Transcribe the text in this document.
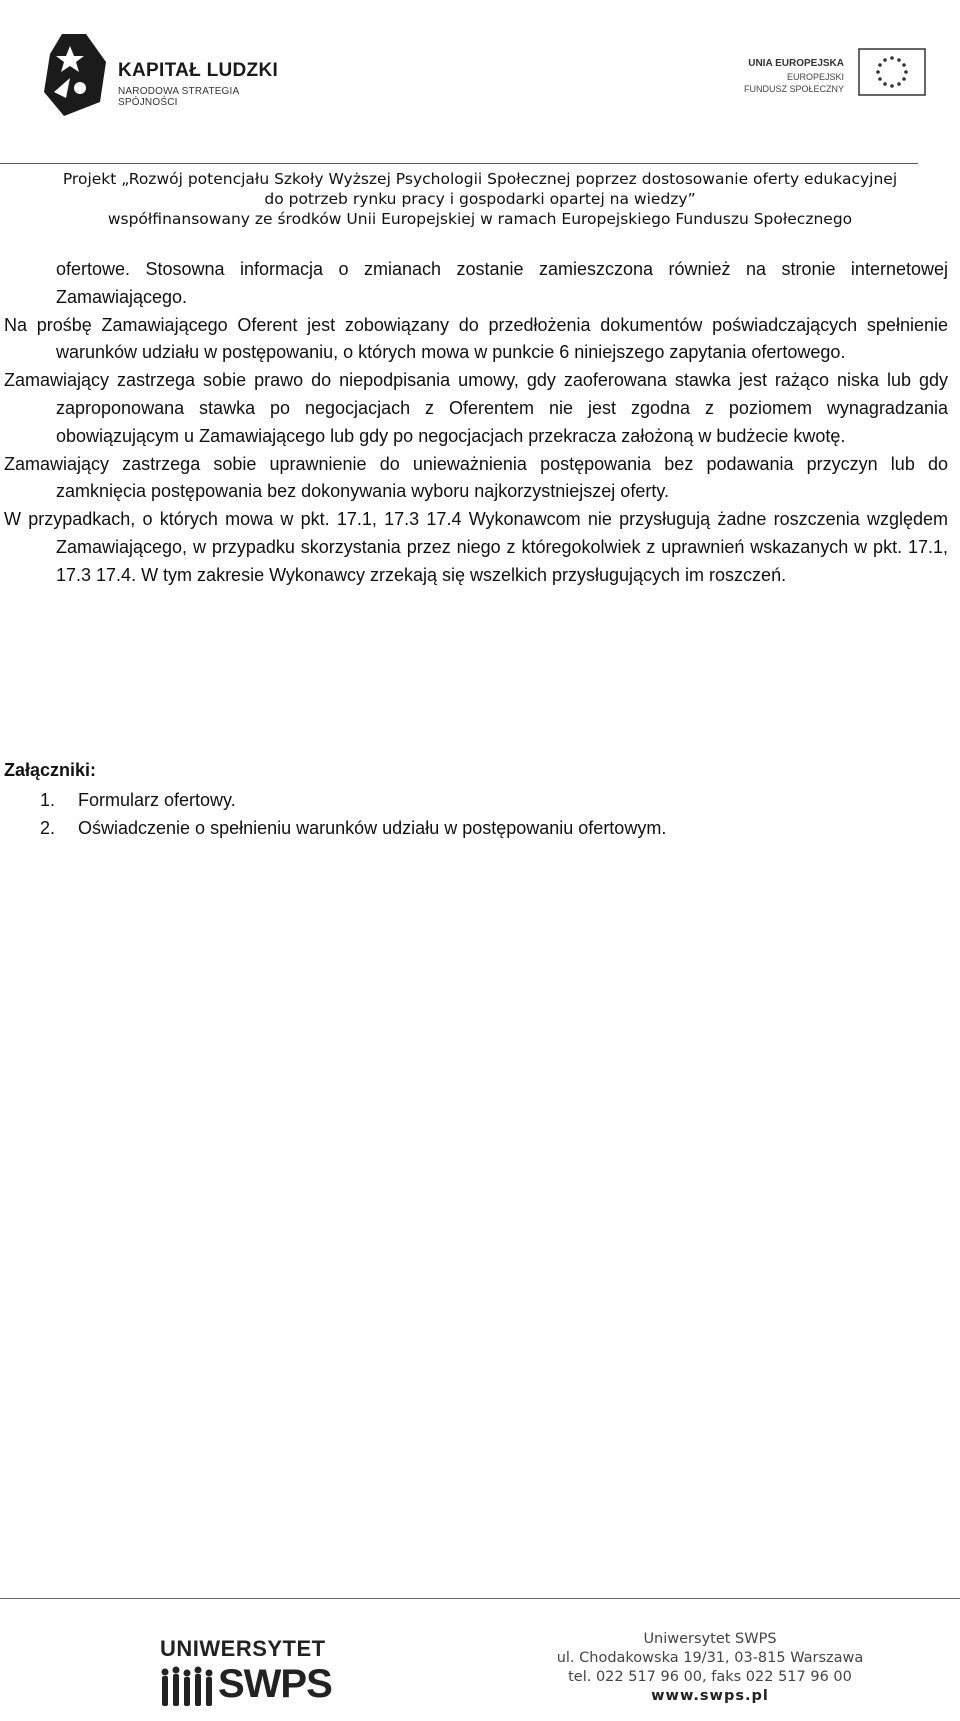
KAPITAŁ LUDZKI
NARODOWA STRATEGIA SPÓJNOŚCI
UNIA EUROPEJSKA
EUROPEJSKI
FUNDUSZ SPOŁECZNY
Projekt „Rozwój potencjału Szkoły Wyższej Psychologii Społecznej poprzez dostosowanie oferty edukacyjnej
do potrzeb rynku pracy i gospodarki opartej na wiedzy”
współfinansowany ze środków Unii Europejskiej w ramach Europejskiego Funduszu Społecznego
ofertowe. Stosowna informacja o zmianach zostanie zamieszczona również na stronie internetowej Zamawiającego.
Na prośbę Zamawiającego Oferent jest zobowiązany do przedłożenia dokumentów poświadczających spełnienie warunków udziału w postępowaniu, o których mowa w punkcie 6 niniejszego zapytania ofertowego.
Zamawiający zastrzega sobie prawo do niepodpisania umowy, gdy zaoferowana stawka jest rażąco niska lub gdy zaproponowana stawka po negocjacjach z Oferentem nie jest zgodna z poziomem wynagradzania obowiązującym u Zamawiającego lub gdy po negocjacjach przekracza założoną w budżecie kwotę.
Zamawiający zastrzega sobie uprawnienie do unieważnienia postępowania bez podawania przyczyn lub do zamknięcia postępowania bez dokonywania wyboru najkorzystniejszej oferty.
W przypadkach, o których mowa w pkt. 17.1, 17.3 17.4 Wykonawcom nie przysługują żadne roszczenia względem Zamawiającego, w przypadku skorzystania przez niego z któregokolwiek z uprawnień wskazanych w pkt. 17.1, 17.3 17.4. W tym zakresie Wykonawcy zrzekają się wszelkich przysługujących im roszczeń.
Załączniki:
1. Formularz ofertowy.
2. Oświadczenie o spełnieniu warunków udziału w postępowaniu ofertowym.
UNIWERSYTET
SWPS
Uniwersytet SWPS
ul. Chodakowska 19/31, 03-815 Warszawa
tel. 022 517 96 00, faks 022 517 96 00
www.swps.pl
